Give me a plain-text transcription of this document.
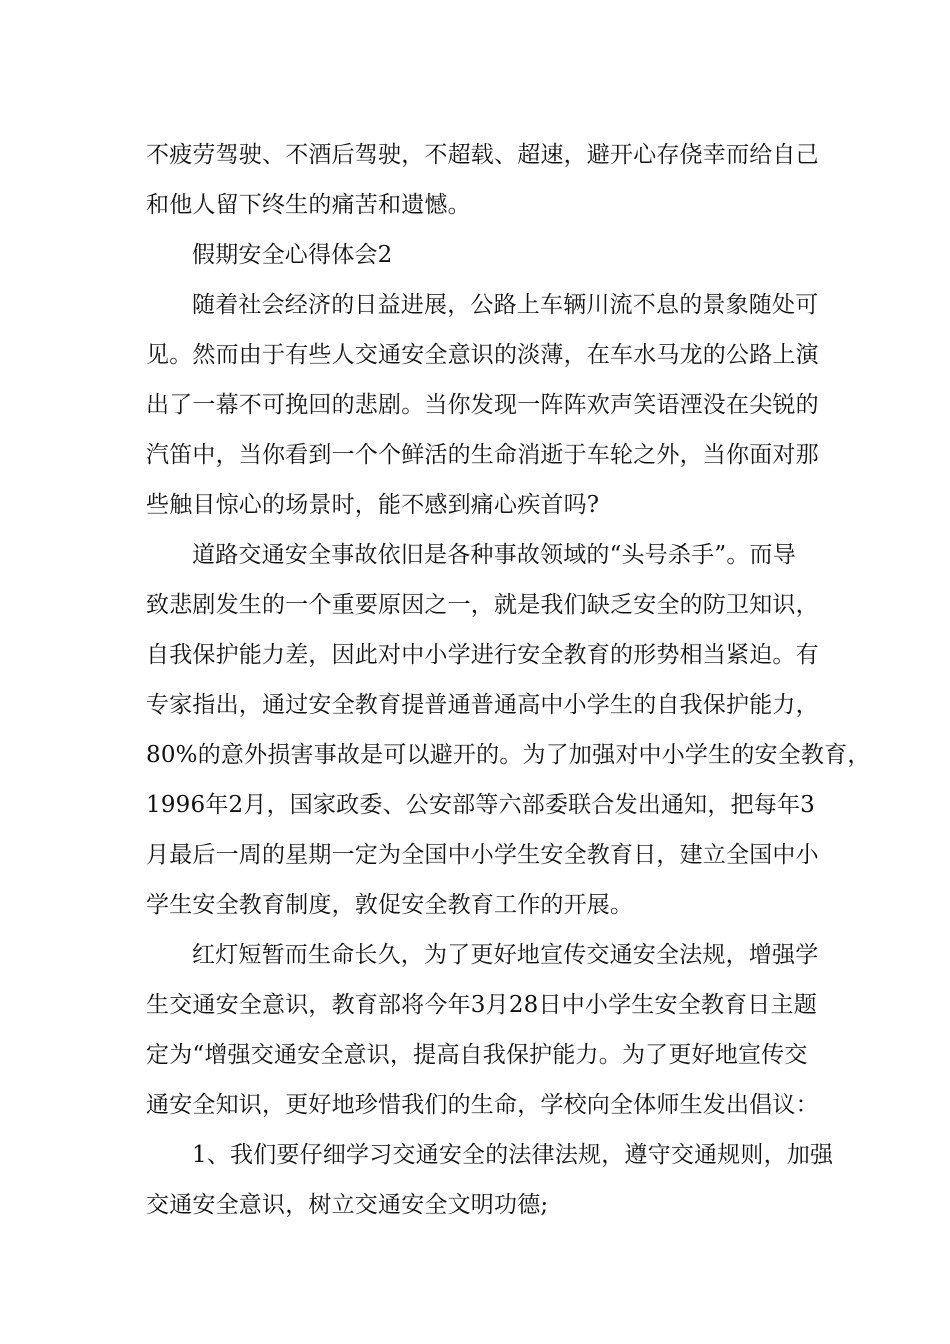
不疲劳驾驶、不酒后驾驶，不超载、超速，避开心存侥幸而给自己
和他人留下终生的痛苦和遗憾。
假期安全心得体会2
随着社会经济的日益进展，公路上车辆川流不息的景象随处可
见。然而由于有些人交通安全意识的淡薄，在车水马龙的公路上演
出了一幕不可挽回的悲剧。当你发现一阵阵欢声笑语湮没在尖锐的
汽笛中，当你看到一个个鲜活的生命消逝于车轮之外，当你面对那
些触目惊心的场景时，能不感到痛心疾首吗?
道路交通安全事故依旧是各种事故领域的“头号杀手”。而导
致悲剧发生的一个重要原因之一，就是我们缺乏安全的防卫知识，
自我保护能力差，因此对中小学进行安全教育的形势相当紧迫。有
专家指出，通过安全教育提普通普通高中小学生的自我保护能力，
80%的意外损害事故是可以避开的。为了加强对中小学生的安全教育，
1996年2月，国家政委、公安部等六部委联合发出通知，把每年3
月最后一周的星期一定为全国中小学生安全教育日，建立全国中小
学生安全教育制度，敦促安全教育工作的开展。
红灯短暂而生命长久，为了更好地宣传交通安全法规，增强学
生交通安全意识，教育部将今年3月28日中小学生安全教育日主题
定为“增强交通安全意识，提高自我保护能力。为了更好地宣传交
通安全知识，更好地珍惜我们的生命，学校向全体师生发出倡议：
1、我们要仔细学习交通安全的法律法规，遵守交通规则，加强
交通安全意识，树立交通安全文明功德;
